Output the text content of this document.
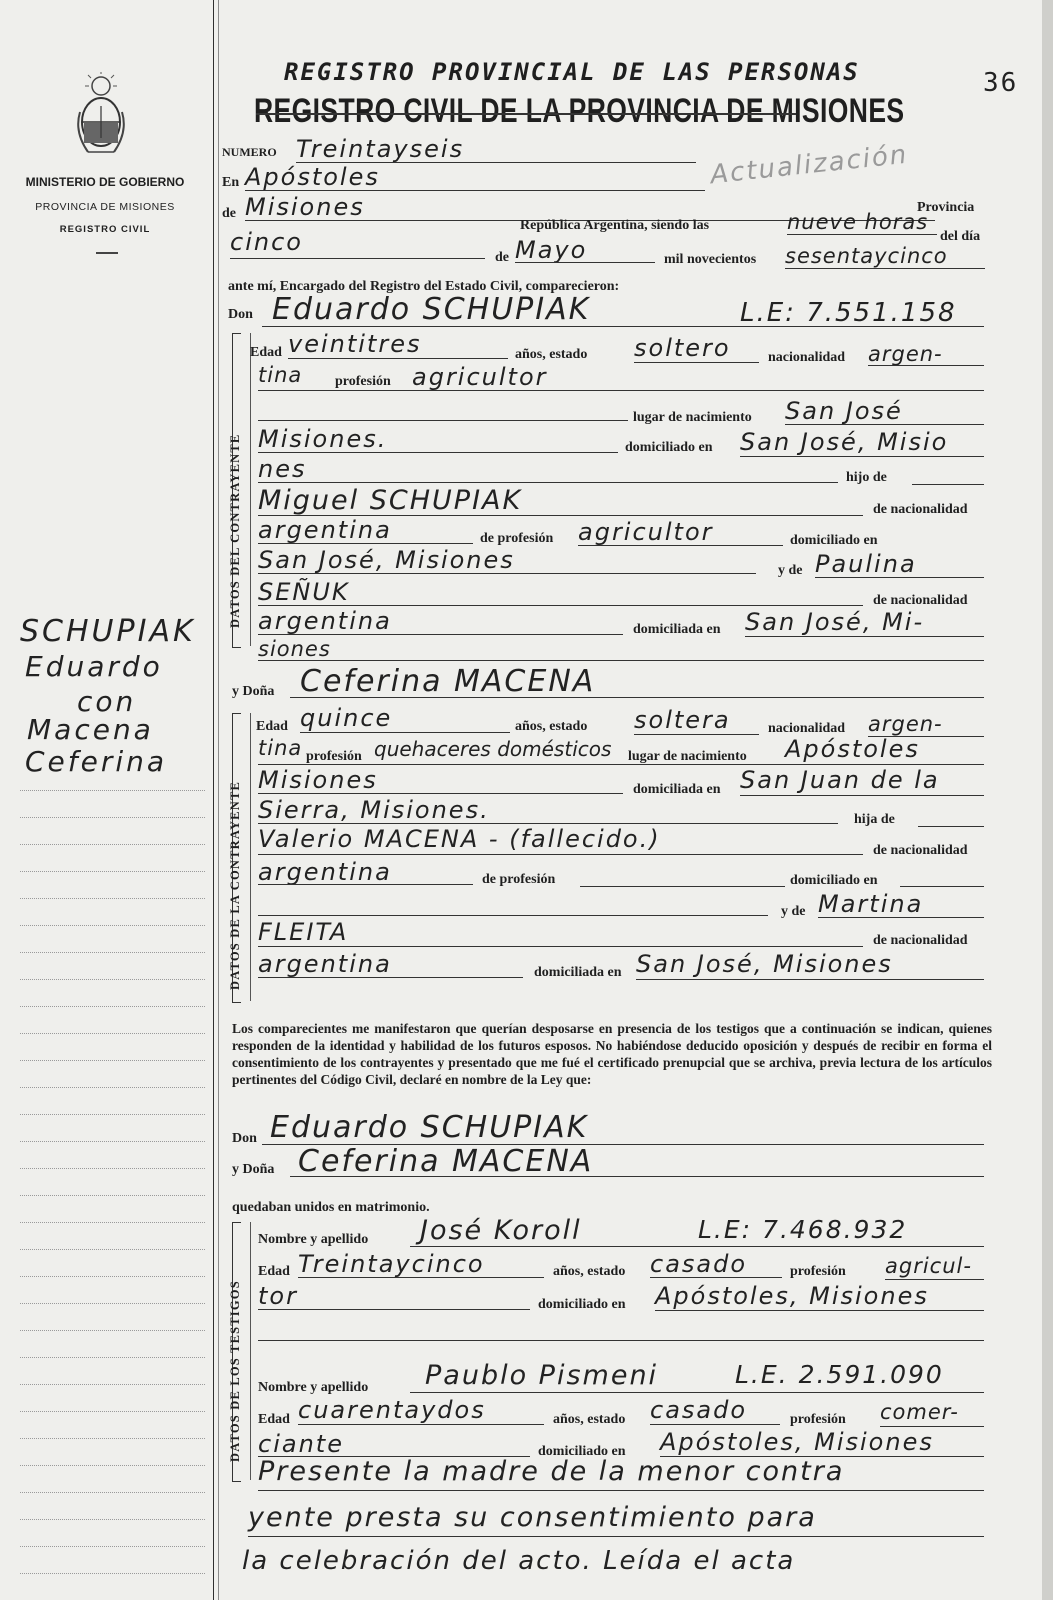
MINISTERIO DE GOBIERNO
PROVINCIA DE MISIONES
REGISTRO CIVIL
SCHUPIAK
Eduardo
con
Macena
Ceferina
36
REGISTRO PROVINCIAL DE LAS PERSONAS
REGISTRO CIVIL DE LA PROVINCIA DE MISIONES
Actualización
NUMERO Treintayseis
En Apóstoles
de Misiones	Provincia
República Argentina, siendo las	nueve horas
del día
cinco
de Mayo	mil novecientos sesentaycinco
ante mí, Encargado del Registro del Estado Civil, comparecieron:
Don Eduardo SCHUPIAK	L.E: 7.551.158
DATOS DEL CONTRAYENTE
Edad veintitres	años, estado soltero	nacionalidad argen-
tina profesión agricultor
lugar de nacimiento San José
Misiones.	domiciliado en San José, Misio
nes	hijo de
Miguel SCHUPIAK	de nacionalidad
argentina	de profesión agricultor	domiciliado en
San José, Misiones	y de Paulina
SEÑUK	de nacionalidad
argentina	domiciliada en San José, Mi-
siones
y Doña Ceferina MACENA
DATOS DE LA CONTRAYENTE
Edad quince	años, estado soltera	nacionalidad argen-
tina profesión quehaceres domésticos lugar de nacimiento Apóstoles
Misiones	domiciliada en San Juan de la
Sierra, Misiones.	hija de
Valerio MACENA - (fallecido.)	de nacionalidad
argentina	de profesión	domiciliado en
y de Martina
FLEITA	de nacionalidad
argentina	domiciliada en San José, Misiones
Los comparecientes me manifestaron que querían desposarse en presencia de los testigos que a continuación se indican, quienes responden de la identidad y habilidad de los futuros esposos. No habiéndose deducido oposición y después de recibir en forma el consentimiento de los contrayentes y presentado que me fué el certificado prenupcial que se archiva, previa lectura de los artículos pertinentes del Código Civil, declaré en nombre de la Ley que:
Don Eduardo SCHUPIAK
y Doña Ceferina MACENA
quedaban unidos en matrimonio.
DATOS DE LOS TESTIGOS
Nombre y apellido José Koroll	L.E: 7.468.932
Edad Treintaycinco	años, estado casado	profesión agricul-
tor	domiciliado en Apóstoles, Misiones
Nombre y apellido Paublo Pismeni	L.E. 2.591.090
Edad cuarentaydos	años, estado casado	profesión comer-
ciante	domiciliado en Apóstoles, Misiones
Presente la madre de la menor contra
yente presta su consentimiento para
la celebración del acto. Leída el acta
